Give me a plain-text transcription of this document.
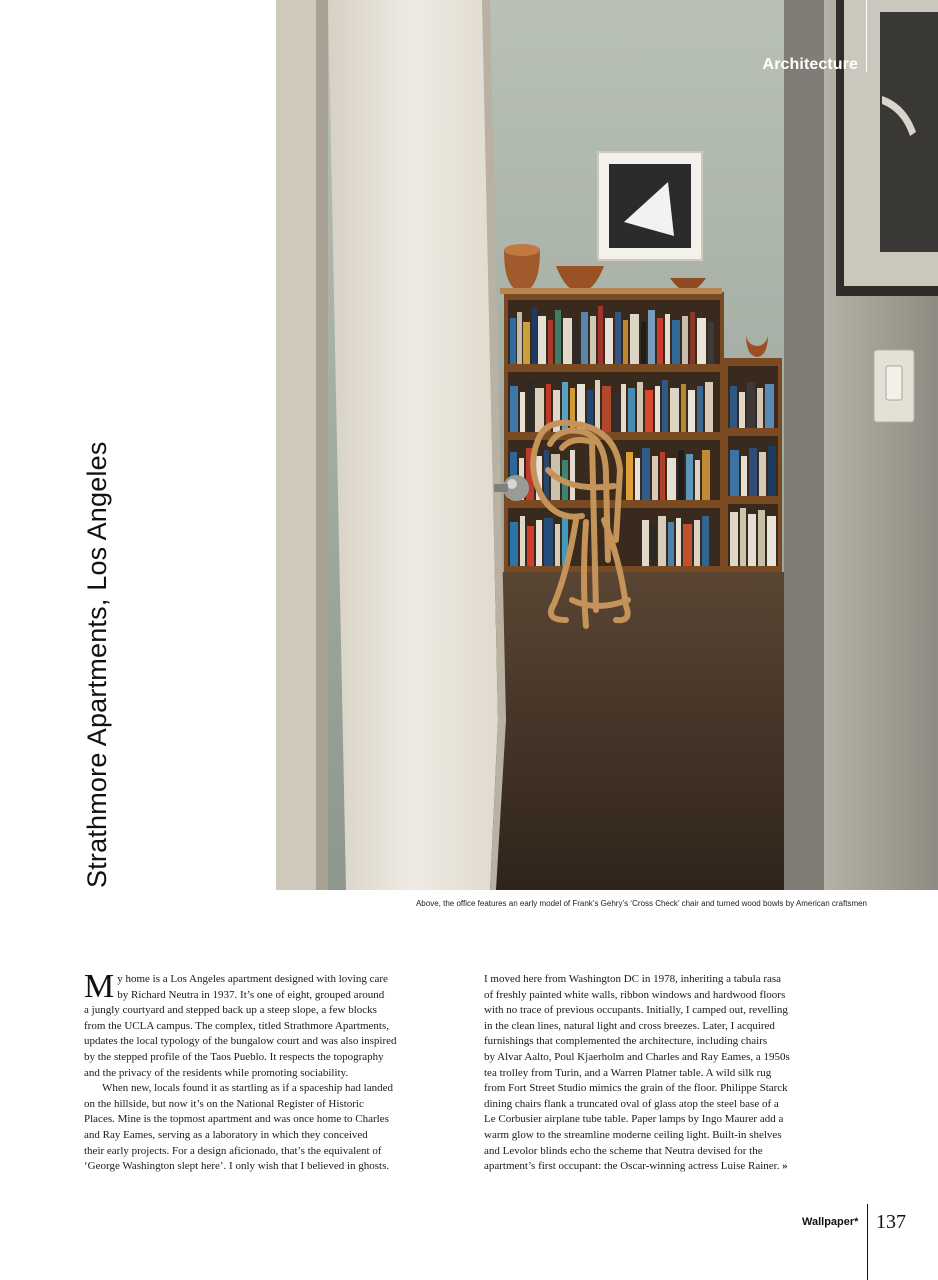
Architecture
Strathmore Apartments, Los Angeles
Above, the office features an early model of Frank’s Gehry’s ‘Cross Check’ chair and turned wood bowls by American craftsmen
M y home is a Los Angeles apartment designed with loving care
by Richard Neutra in 1937. It’s one of eight, grouped around
a jungly courtyard and stepped back up a steep slope, a few blocks
from the UCLA campus. The complex, titled Strathmore Apartments,
updates the local typology of the bungalow court and was also inspired
by the stepped profile of the Taos Pueblo. It respects the topography
and the privacy of the residents while promoting sociability.
When new, locals found it as startling as if a spaceship had landed
on the hillside, but now it’s on the National Register of Historic
Places. Mine is the topmost apartment and was once home to Charles
and Ray Eames, serving as a laboratory in which they conceived
their early projects. For a design aficionado, that’s the equivalent of
‘George Washington slept here’. I only wish that I believed in ghosts.
I moved here from Washington DC in 1978, inheriting a tabula rasa
of freshly painted white walls, ribbon windows and hardwood floors
with no trace of previous occupants. Initially, I camped out, revelling
in the clean lines, natural light and cross breezes. Later, I acquired
furnishings that complemented the architecture, including chairs
by Alvar Aalto, Poul Kjaerholm and Charles and Ray Eames, a 1950s
tea trolley from Turin, and a Warren Platner table. A wild silk rug
from Fort Street Studio mimics the grain of the floor. Philippe Starck
dining chairs flank a truncated oval of glass atop the steel base of a
Le Corbusier airplane tube table. Paper lamps by Ingo Maurer add a
warm glow to the streamline moderne ceiling light. Built-in shelves
and Levolor blinds echo the scheme that Neutra devised for the
apartment’s first occupant: the Oscar-winning actress Luise Rainer. »
Wallpaper* 137
